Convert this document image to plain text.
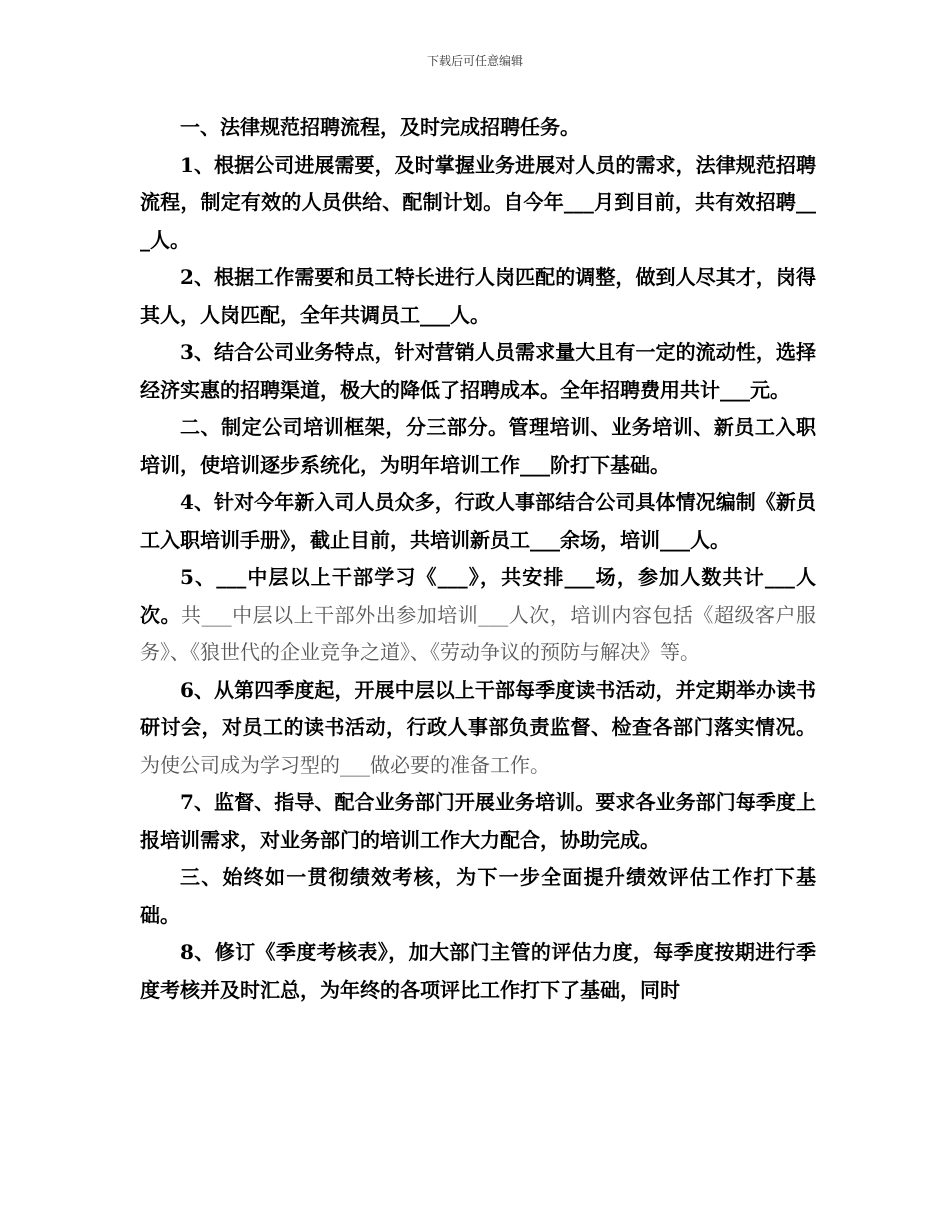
下载后可任意编辑

一、法律规范招聘流程，及时完成招聘任务。

1、根据公司进展需要，及时掌握业务进展对人员的需求，法律规范招聘流程，制定有效的人员供给、配制计划。自今年___月到目前，共有效招聘___人。

2、根据工作需要和员工特长进行人岗匹配的调整，做到人尽其才，岗得其人，人岗匹配，全年共调员工___人。

3、结合公司业务特点，针对营销人员需求量大且有一定的流动性，选择经济实惠的招聘渠道，极大的降低了招聘成本。全年招聘费用共计___元。

二、制定公司培训框架，分三部分。管理培训、业务培训、新员工入职培训，使培训逐步系统化，为明年培训工作___阶打下基础。

4、针对今年新入司人员众多，行政人事部结合公司具体情况编制《新员工入职培训手册》，截止目前，共培训新员工___余场，培训___人。

5、___中层以上干部学习《___》，共安排___场，参加人数共计___人次。共___中层以上干部外出参加培训___人次，培训内容包括《超级客户服务》、《狼世代的企业竞争之道》、《劳动争议的预防与解决》等。

6、从第四季度起，开展中层以上干部每季度读书活动，并定期举办读书研讨会，对员工的读书活动，行政人事部负责监督、检查各部门落实情况。为使公司成为学习型的___做必要的准备工作。

7、监督、指导、配合业务部门开展业务培训。要求各业务部门每季度上报培训需求，对业务部门的培训工作大力配合，协助完成。

三、始终如一贯彻绩效考核，为下一步全面提升绩效评估工作打下基础。

8、修订《季度考核表》，加大部门主管的评估力度，每季度按期进行季度考核并及时汇总，为年终的各项评比工作打下了基础，同时
